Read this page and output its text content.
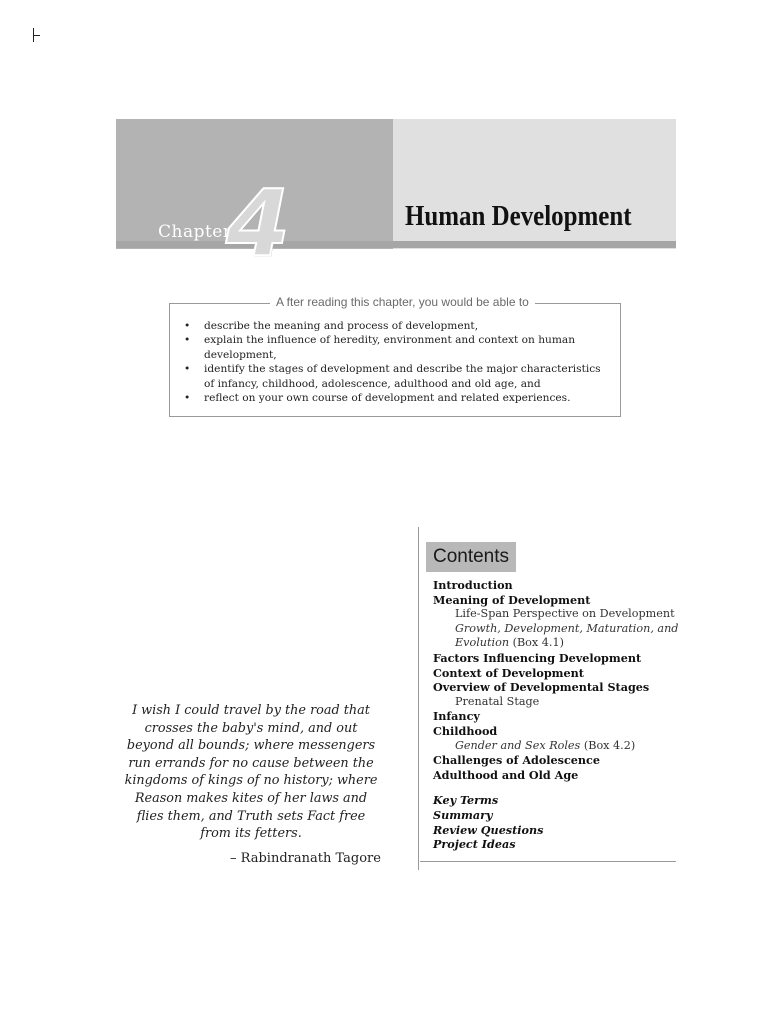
Chapter
4	Human Development
A fter reading this chapter, you would be able to
• describe the meaning and process of development,
• explain the influence of heredity, environment and context on human development,
• identify the stages of development and describe the major characteristics of infancy, childhood, adolescence, adulthood and old age, and
• reflect on your own course of development and related experiences.
Contents
Introduction
Meaning of Development
Life-Span Perspective on Development
Growth, Development, Maturation, and Evolution (Box 4.1)
Factors Influencing Development
Context of Development
Overview of Developmental Stages
Prenatal Stage
Infancy
Childhood
Gender and Sex Roles (Box 4.2)
Challenges of Adolescence
Adulthood and Old Age
Key Terms
Summary
Review Questions
Project Ideas
I wish I could travel by the road that crosses the baby's mind, and out beyond all bounds; where messengers run errands for no cause between the kingdoms of kings of no history; where Reason makes kites of her laws and flies them, and Truth sets Fact free from its fetters.
– Rabindranath Tagore
